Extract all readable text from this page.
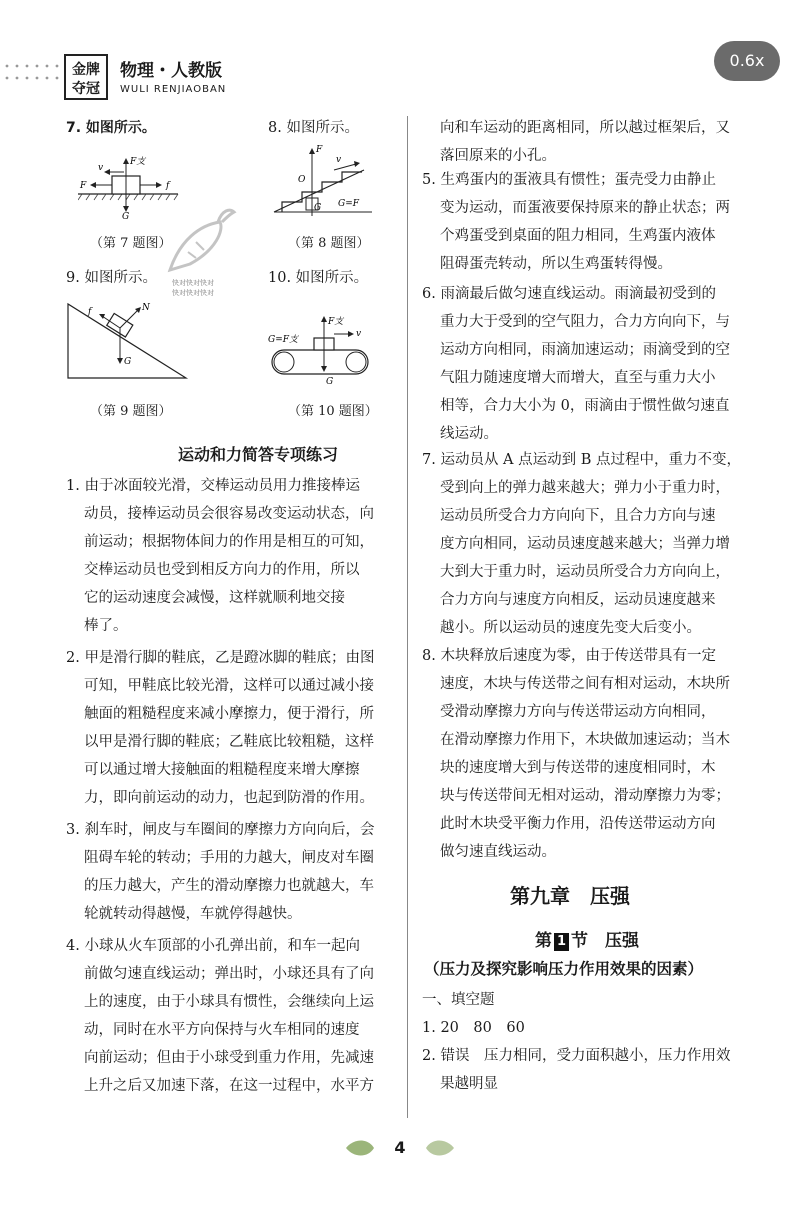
金牌
夺冠
物理・人教版
WULI RENJIAOBAN
0.6x
7. 如图所示。	8. 如图所示。
9. 如图所示。	10. 如图所示。
v
F支
F	f
G
（第 7 题图）
快对快对快对
快对快对快对
F
v
O
G G=F
（第 8 题图）
f	N
G
（第 9 题图）
G=F支
F支
v
G
（第 10 题图）
运动和力简答专项练习
1. 由于冰面较光滑，交棒运动员用力推接棒运
动员，接棒运动员会很容易改变运动状态，向
前运动；根据物体间力的作用是相互的可知，
交棒运动员也受到相反方向力的作用，所以
它的运动速度会减慢，这样就顺利地交接
棒了。
2. 甲是滑行脚的鞋底，乙是蹬冰脚的鞋底；由图
可知，甲鞋底比较光滑，这样可以通过减小接
触面的粗糙程度来减小摩擦力，便于滑行，所
以甲是滑行脚的鞋底；乙鞋底比较粗糙，这样
可以通过增大接触面的粗糙程度来增大摩擦
力，即向前运动的动力，也起到防滑的作用。
3. 刹车时，闸皮与车圈间的摩擦力方向向后，会
阻碍车轮的转动；手用的力越大，闸皮对车圈
的压力越大，产生的滑动摩擦力也就越大，车
轮就转动得越慢，车就停得越快。
4. 小球从火车顶部的小孔弹出前，和车一起向
前做匀速直线运动；弹出时，小球还具有了向
上的速度，由于小球具有惯性，会继续向上运
动，同时在水平方向保持与火车相同的速度
向前运动；但由于小球受到重力作用，先减速
上升之后又加速下落，在这一过程中，水平方
向和车运动的距离相同，所以越过框架后，又
落回原来的小孔。
5. 生鸡蛋内的蛋液具有惯性；蛋壳受力由静止
变为运动，而蛋液要保持原来的静止状态；两
个鸡蛋受到桌面的阻力相同，生鸡蛋内液体
阻碍蛋壳转动，所以生鸡蛋转得慢。
6. 雨滴最后做匀速直线运动。雨滴最初受到的
重力大于受到的空气阻力，合力方向向下，与
运动方向相同，雨滴加速运动；雨滴受到的空
气阻力随速度增大而增大，直至与重力大小
相等，合力大小为 0，雨滴由于惯性做匀速直
线运动。
7. 运动员从 A 点运动到 B 点过程中，重力不变，
受到向上的弹力越来越大；弹力小于重力时，
运动员所受合力方向向下，且合力方向与速
度方向相同，运动员速度越来越大；当弹力增
大到大于重力时，运动员所受合力方向向上，
合力方向与速度方向相反，运动员速度越来
越小。所以运动员的速度先变大后变小。
8. 木块释放后速度为零，由于传送带具有一定
速度，木块与传送带之间有相对运动，木块所
受滑动摩擦力方向与传送带运动方向相同，
在滑动摩擦力作用下，木块做加速运动；当木
块的速度增大到与传送带的速度相同时，木
块与传送带间无相对运动，滑动摩擦力为零；
此时木块受平衡力作用，沿传送带运动方向
做匀速直线运动。
第九章　压强
第 1 节　压强
（压力及探究影响压力作用效果的因素）
一、填空题
1. 20　80　60
2. 错误　压力相同，受力面积越小，压力作用效
果越明显
4
